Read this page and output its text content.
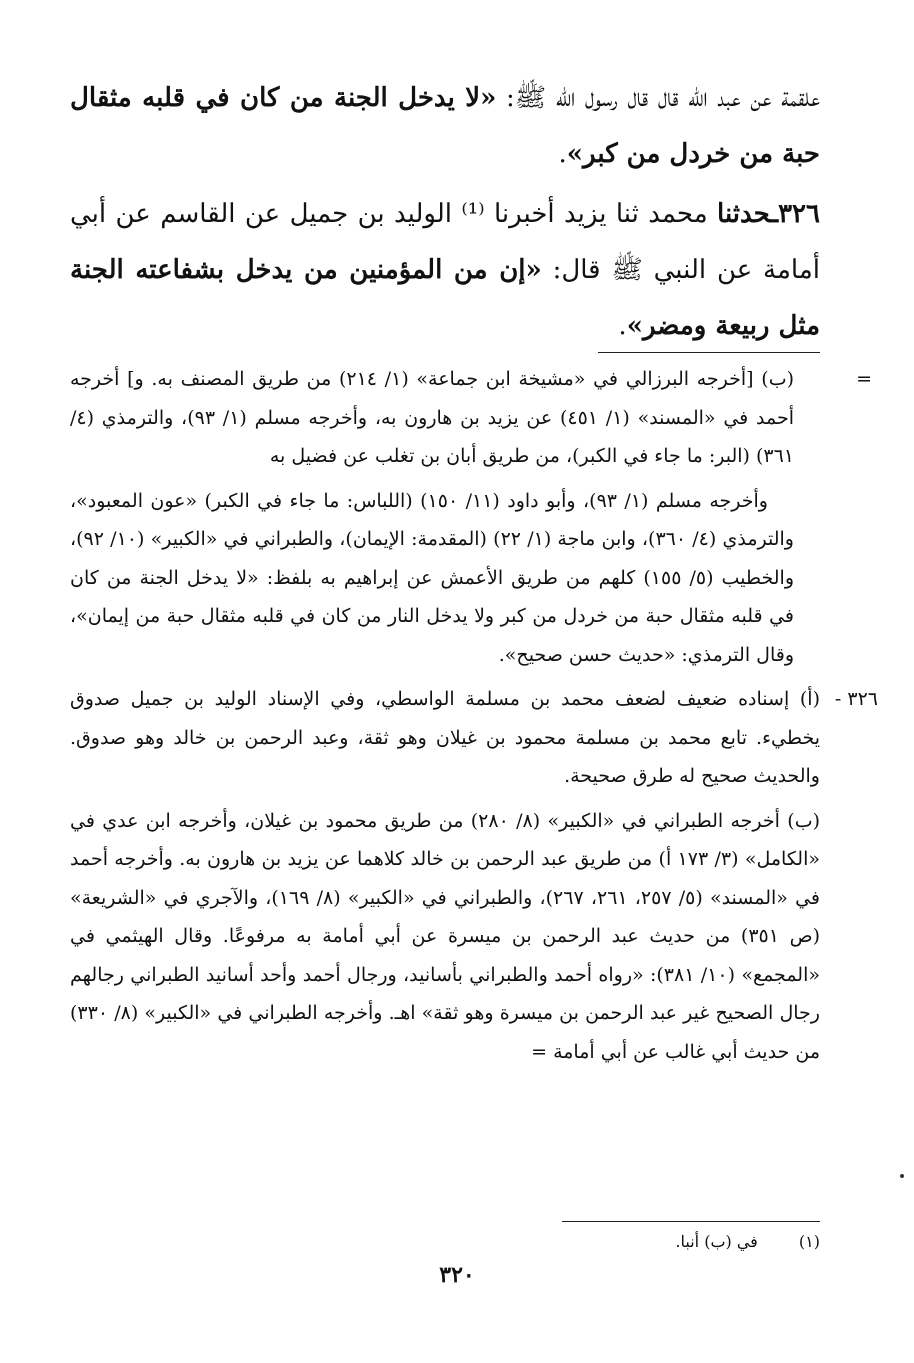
علقمة عن عبد الله قال قال رسول الله ﷺ: «لا يدخل الجنة من كان في قلبه مثقال حبة من خردل من كبر».

٣٢٦ـحدثنا محمد ثنا يزيد أخبرنا ⁽¹⁾ الوليد بن جميل عن القاسم عن أبي أمامة عن النبي ﷺ قال: «إن من المؤمنين من يدخل بشفاعته الجنة مثل ربيعة ومضر».

=
(ب) [أخرجه البرزالي في «مشيخة ابن جماعة» (١/ ٢١٤) من طريق المصنف به. و] أخرجه أحمد في «المسند» (١/ ٤٥١) عن يزيد بن هارون به، وأخرجه مسلم (١/ ٩٣)، والترمذي (٤/ ٣٦١) (البر: ما جاء في الكبر)، من طريق أبان بن تغلب عن فضيل به

وأخرجه مسلم (١/ ٩٣)، وأبو داود (١١/ ١٥٠) (اللباس: ما جاء في الكبر) «عون المعبود»، والترمذي (٤/ ٣٦٠)، وابن ماجة (١/ ٢٢) (المقدمة: الإيمان)، والطبراني في «الكبير» (١٠/ ٩٢)، والخطيب (٥/ ١٥٥) كلهم من طريق الأعمش عن إبراهيم به بلفظ: «لا يدخل الجنة من كان في قلبه مثقال حبة من خردل من كبر ولا يدخل النار من كان في قلبه مثقال حبة من إيمان»، وقال الترمذي: «حديث حسن صحيح».

٣٢٦ -
(أ) إسناده ضعيف لضعف محمد بن مسلمة الواسطي، وفي الإسناد الوليد بن جميل صدوق يخطيء. تابع محمد بن مسلمة محمود بن غيلان وهو ثقة، وعبد الرحمن بن خالد وهو صدوق. والحديث صحيح له طرق صحيحة.

(ب) أخرجه الطبراني في «الكبير» (٨/ ٢٨٠) من طريق محمود بن غيلان، وأخرجه ابن عدي في «الكامل» (٣/ ١٧٣ أ) من طريق عبد الرحمن بن خالد كلاهما عن يزيد بن هارون به. وأخرجه أحمد في «المسند» (٥/ ٢٥٧، ٢٦١، ٢٦٧)، والطبراني في «الكبير» (٨/ ١٦٩)، والآجري في «الشريعة» (ص ٣٥١) من حديث عبد الرحمن بن ميسرة عن أبي أمامة به مرفوعًا. وقال الهيثمي في «المجمع» (١٠/ ٣٨١): «رواه أحمد والطبراني بأسانيد، ورجال أحمد وأحد أسانيد الطبراني رجالهم رجال الصحيح غير عبد الرحمن بن ميسرة وهو ثقة» اهـ. وأخرجه الطبراني في «الكبير» (٨/ ٣٣٠) من حديث أبي غالب عن أبي أمامة =

(١) في (ب) أنبا.
٣٢٠
